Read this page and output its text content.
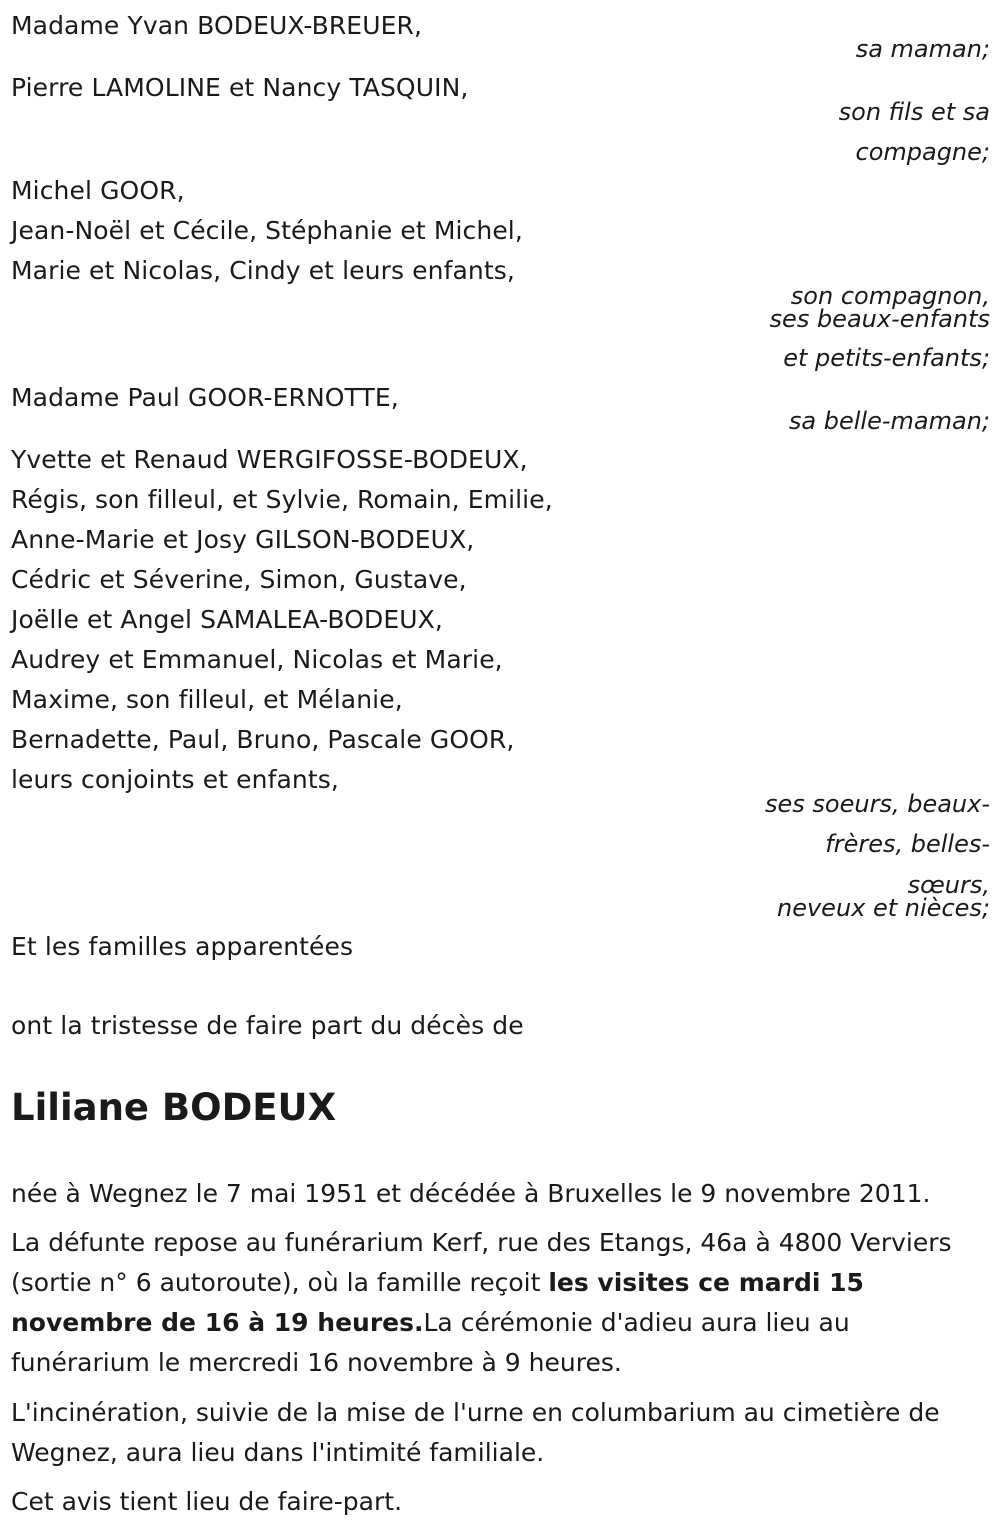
Madame Yvan BODEUX-BREUER,
sa maman;
Pierre LAMOLINE et Nancy TASQUIN,
son fils et sa
compagne;
Michel GOOR,
Jean-Noël et Cécile, Stéphanie et Michel,
Marie et Nicolas, Cindy et leurs enfants,
son compagnon,
ses beaux-enfants
et petits-enfants;
Madame Paul GOOR-ERNOTTE,
sa belle-maman;
Yvette et Renaud WERGIFOSSE-BODEUX,
Régis, son filleul, et Sylvie, Romain, Emilie,
Anne-Marie et Josy GILSON-BODEUX,
Cédric et Séverine, Simon, Gustave,
Joëlle et Angel SAMALEA-BODEUX,
Audrey et Emmanuel, Nicolas et Marie,
Maxime, son filleul, et Mélanie,
Bernadette, Paul, Bruno, Pascale GOOR,
leurs conjoints et enfants,
ses soeurs, beaux-
frères, belles-
sœurs,
neveux et nièces;
Et les familles apparentées
ont la tristesse de faire part du décès de
Liliane BODEUX
née à Wegnez le 7 mai 1951 et décédée à Bruxelles le 9 novembre 2011.
La défunte repose au funérarium Kerf, rue des Etangs, 46a à 4800 Verviers (sortie n° 6 autoroute), où la famille reçoit les visites ce mardi 15 novembre de 16 à 19 heures.La cérémonie d'adieu aura lieu au funérarium le mercredi 16 novembre à 9 heures.
L'incinération, suivie de la mise de l'urne en columbarium au cimetière de Wegnez, aura lieu dans l'intimité familiale.
Cet avis tient lieu de faire-part.
